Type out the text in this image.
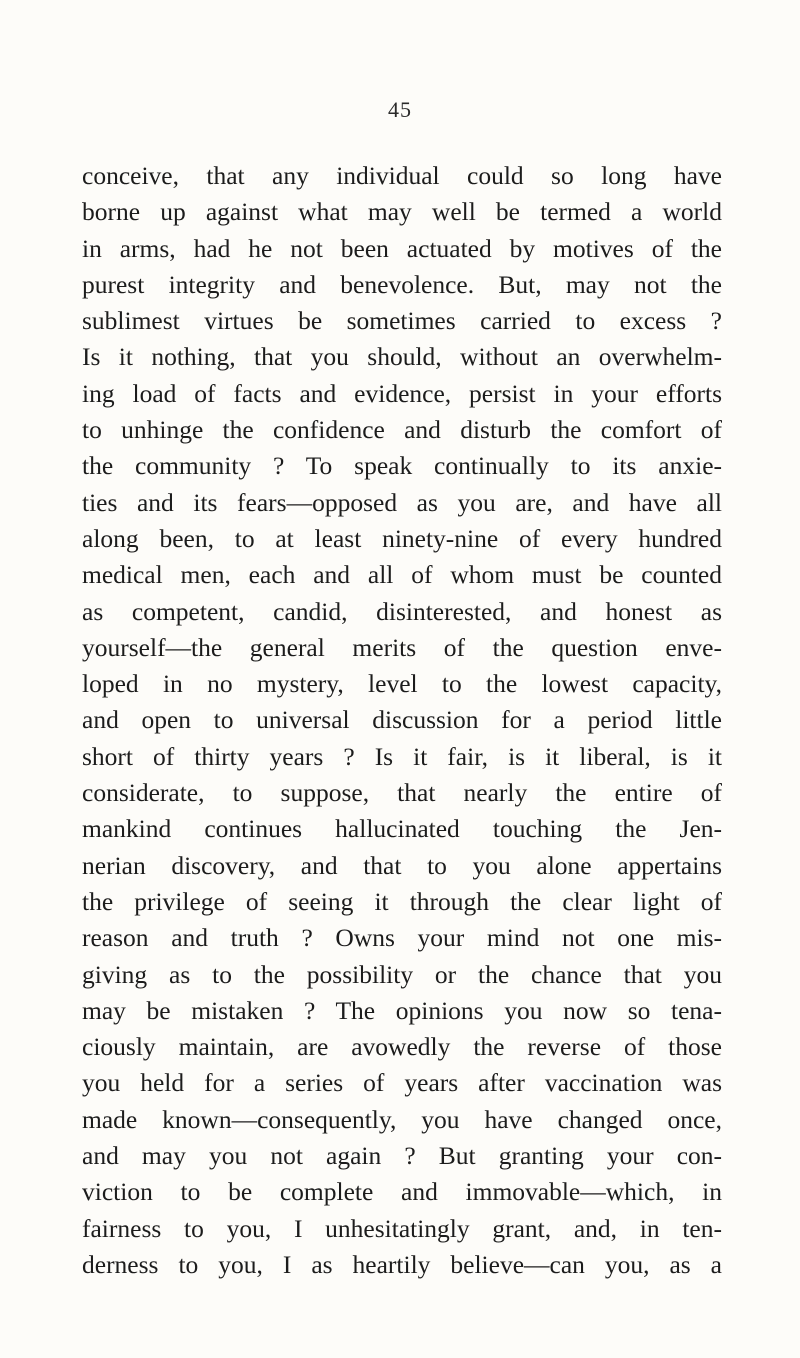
45
conceive, that any individual could so long have
borne up against what may well be termed a world
in arms, had he not been actuated by motives of the
purest integrity and benevolence. But, may not the
sublimest virtues be sometimes carried to excess ?
Is it nothing, that you should, without an overwhelm-
ing load of facts and evidence, persist in your efforts
to unhinge the confidence and disturb the comfort of
the community ? To speak continually to its anxie-
ties and its fears—opposed as you are, and have all
along been, to at least ninety-nine of every hundred
medical men, each and all of whom must be counted
as competent, candid, disinterested, and honest as
yourself—the general merits of the question enve-
loped in no mystery, level to the lowest capacity,
and open to universal discussion for a period little
short of thirty years ? Is it fair, is it liberal, is it
considerate, to suppose, that nearly the entire of
mankind continues hallucinated touching the Jen-
nerian discovery, and that to you alone appertains
the privilege of seeing it through the clear light of
reason and truth ? Owns your mind not one mis-
giving as to the possibility or the chance that you
may be mistaken ? The opinions you now so tena-
ciously maintain, are avowedly the reverse of those
you held for a series of years after vaccination was
made known—consequently, you have changed once,
and may you not again ? But granting your con-
viction to be complete and immovable—which, in
fairness to you, I unhesitatingly grant, and, in ten-
derness to you, I as heartily believe—can you, as a
